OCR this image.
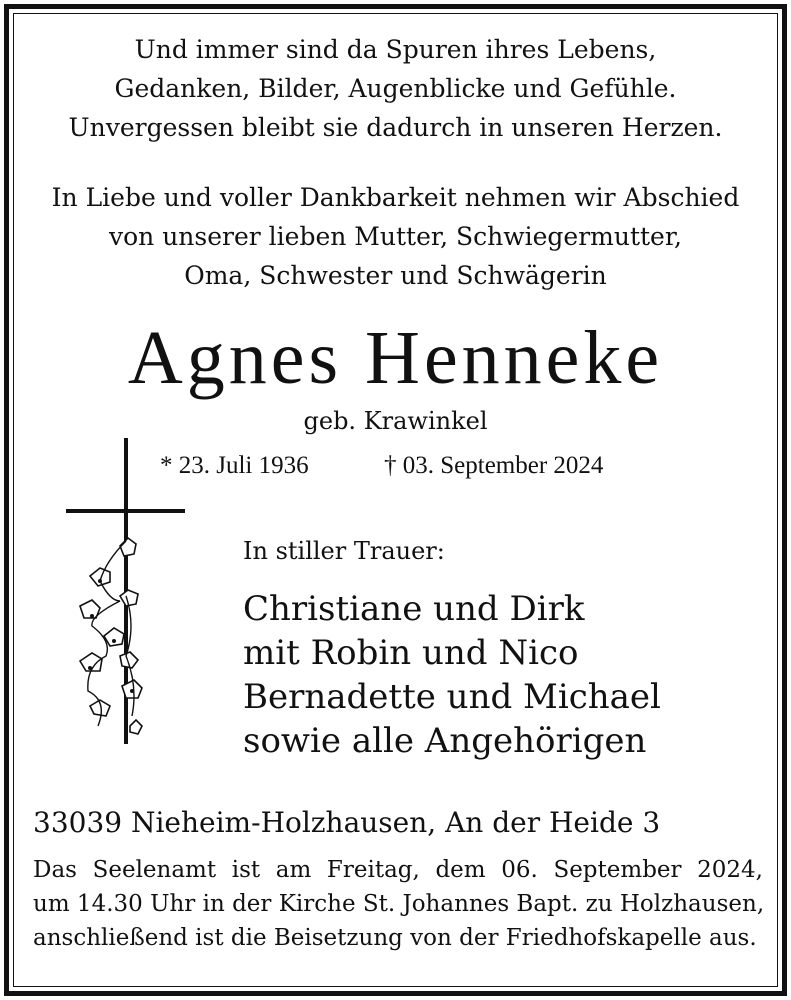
Und immer sind da Spuren ihres Lebens,
Gedanken, Bilder, Augenblicke und Gefühle.
Unvergessen bleibt sie dadurch in unseren Herzen.
In Liebe und voller Dankbarkeit nehmen wir Abschied
von unserer lieben Mutter, Schwiegermutter,
Oma, Schwester und Schwägerin
Agnes Henneke
geb. Krawinkel
* 23. Juli 1936	† 03. September 2024
In stiller Trauer:
Christiane und Dirk
mit Robin und Nico
Bernadette und Michael
sowie alle Angehörigen
33039 Nieheim-Holzhausen, An der Heide 3
Das Seelenamt ist am Freitag, dem 06. September 2024,
um 14.30 Uhr in der Kirche St. Johannes Bapt. zu Holzhausen,
anschließend ist die Beisetzung von der Friedhofskapelle aus.
